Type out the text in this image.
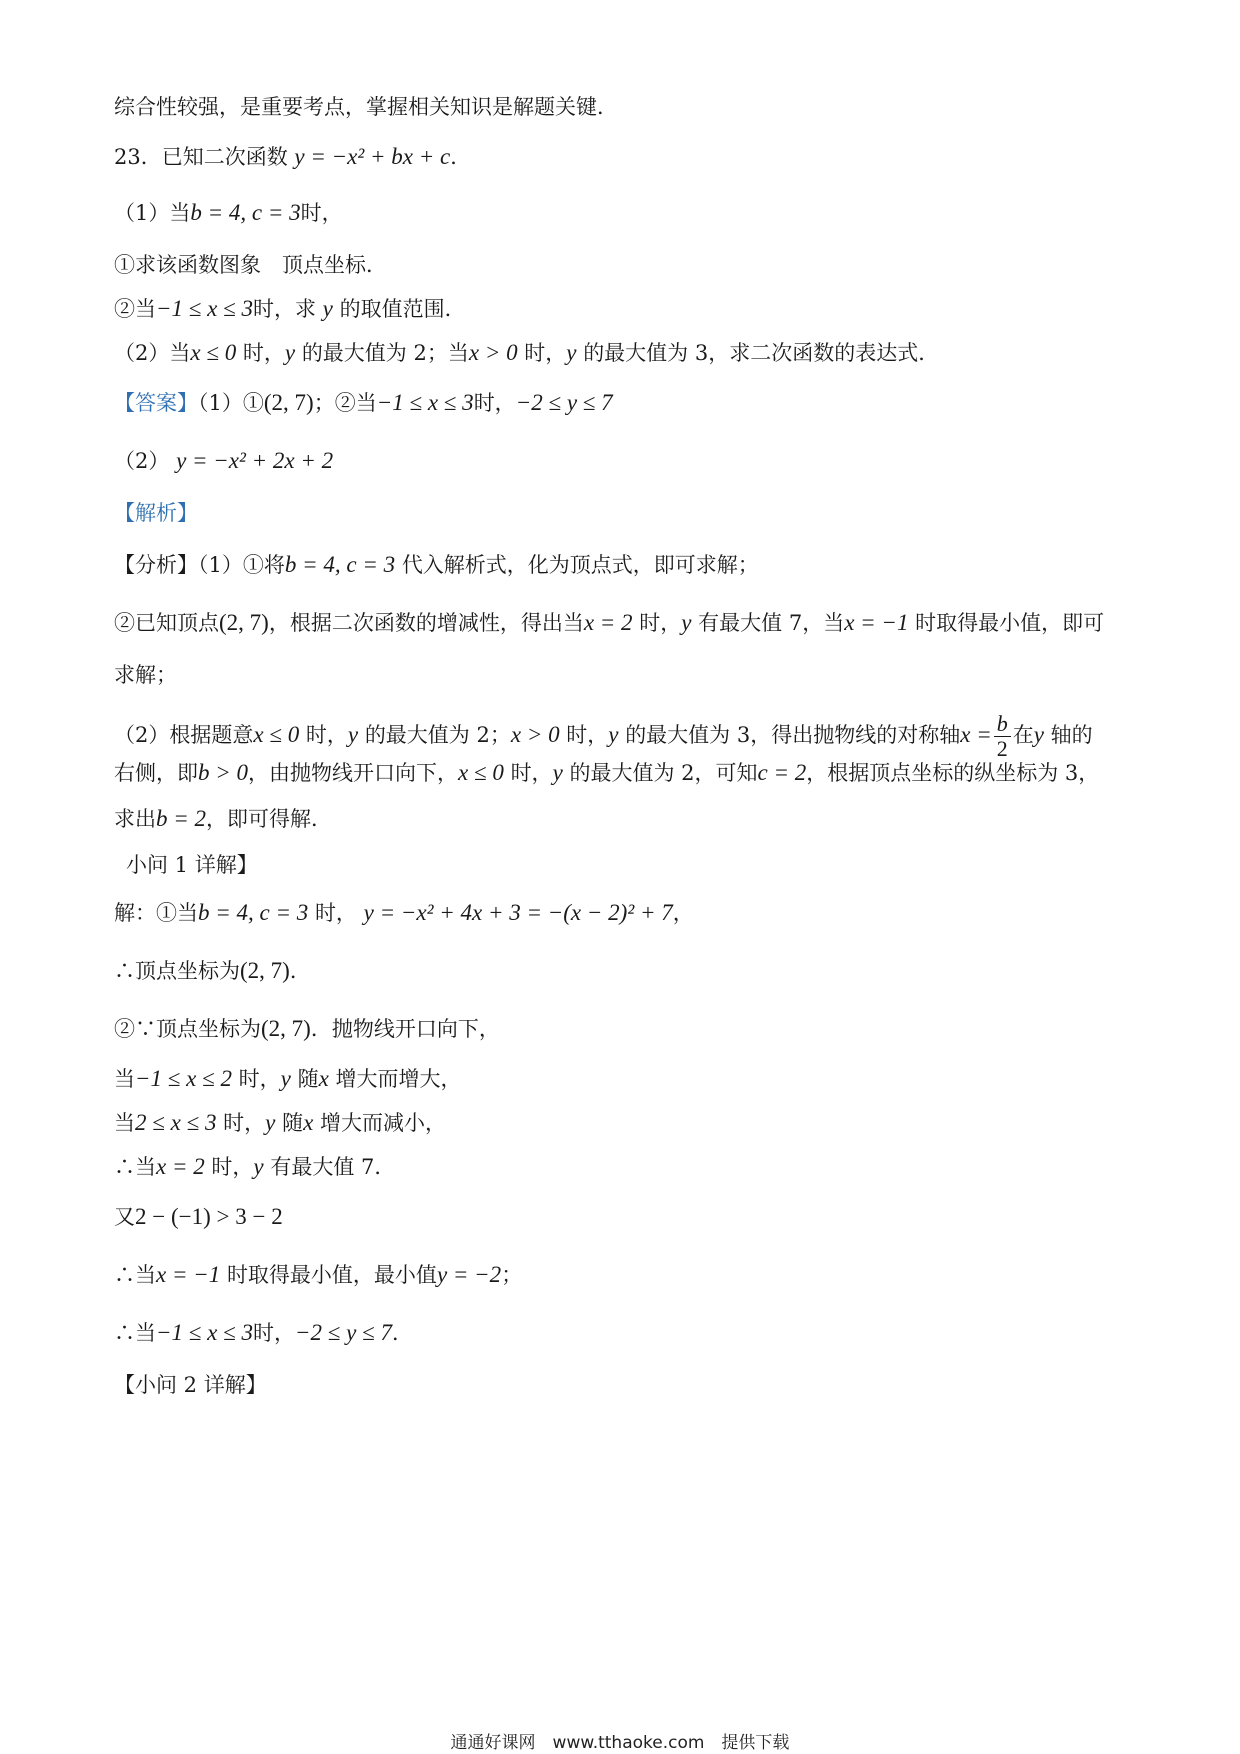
综合性较强，是重要考点，掌握相关知识是解题关键．
23．已知二次函数 y = −x² + bx + c．
（1）当b = 4, c = 3时，
①求该函数图象　顶点坐标．
②当−1 ≤ x ≤ 3时，求 y 的取值范围．
（2）当x ≤ 0 时，y 的最大值为 2；当x > 0 时，y 的最大值为 3，求二次函数的表达式．
【答案】（1）①(2, 7)；②当−1 ≤ x ≤ 3时，−2 ≤ y ≤ 7
（2） y = −x² + 2x + 2
【解析】
【分析】（1）①将b = 4, c = 3 代入解析式，化为顶点式，即可求解；
②已知顶点(2, 7)，根据二次函数的增减性，得出当x = 2 时，y 有最大值 7，当x = −1 时取得最小值，即可
求解；
（2）根据题意x ≤ 0 时，y 的最大值为 2；x > 0 时，y 的最大值为 3，得出抛物线的对称轴$x = \frac{b}{2}$ 在y 轴的
右侧，即b > 0，由抛物线开口向下，x ≤ 0 时，y 的最大值为 2，可知c = 2，根据顶点坐标的纵坐标为 3，
求出b = 2，即可得解．
小问 1 详解】
解：①当b = 4, c = 3 时， y = −x² + 4x + 3 = −(x − 2)² + 7，
∴顶点坐标为(2, 7)．
②∵顶点坐标为(2, 7)．抛物线开口向下，
当−1 ≤ x ≤ 2 时，y 随x 增大而增大，
当2 ≤ x ≤ 3 时，y 随x 增大而减小，
∴当x = 2 时，y 有最大值 7．
又2 − (−1) > 3 − 2
∴当x = −1 时取得最小值，最小值y = −2；
∴当−1 ≤ x ≤ 3时，−2 ≤ y ≤ 7．
【小问 2 详解】
通通好课网　www.tthaoke.com　提供下载
